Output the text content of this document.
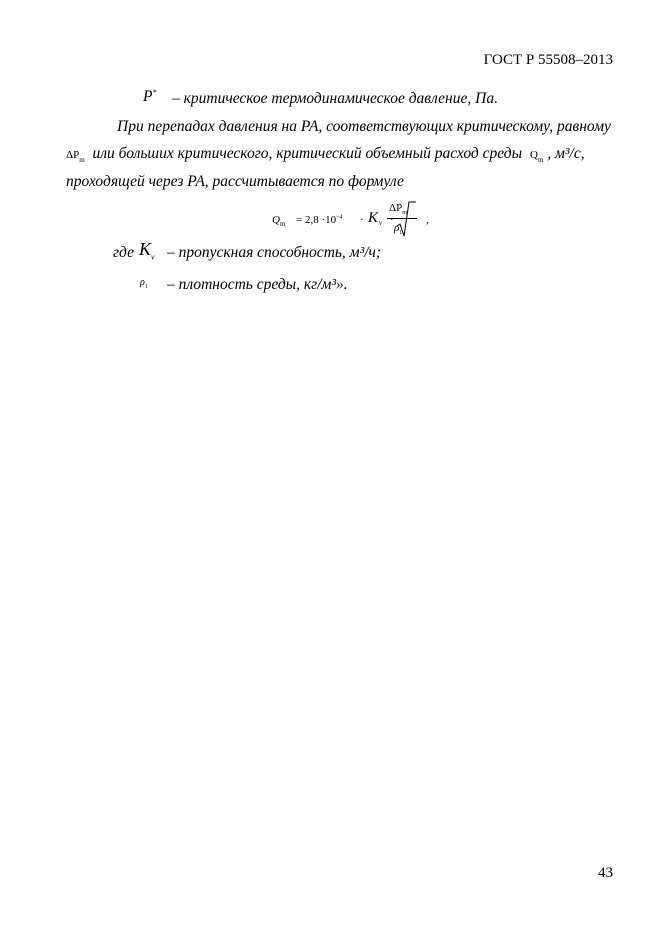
ГОСТ Р 55508–2013
P* – критическое термодинамическое давление, Па.
При перепадах давления на РА, соответствующих критическому, равному
$\Delta P_m$ или больших критического, критический объемный расход среды $Q_m$ , м³/с,
проходящей через РА, рассчитывается по формуле
$Q_m = 2,8 \cdot 10^{-4} \cdot K$ v ·
$\Delta P_m$
$\rho_1$
,
где $K_v$ – пропускная способность, м³/ч;
$\rho_1$ – плотность среды, кг/м³».
43
